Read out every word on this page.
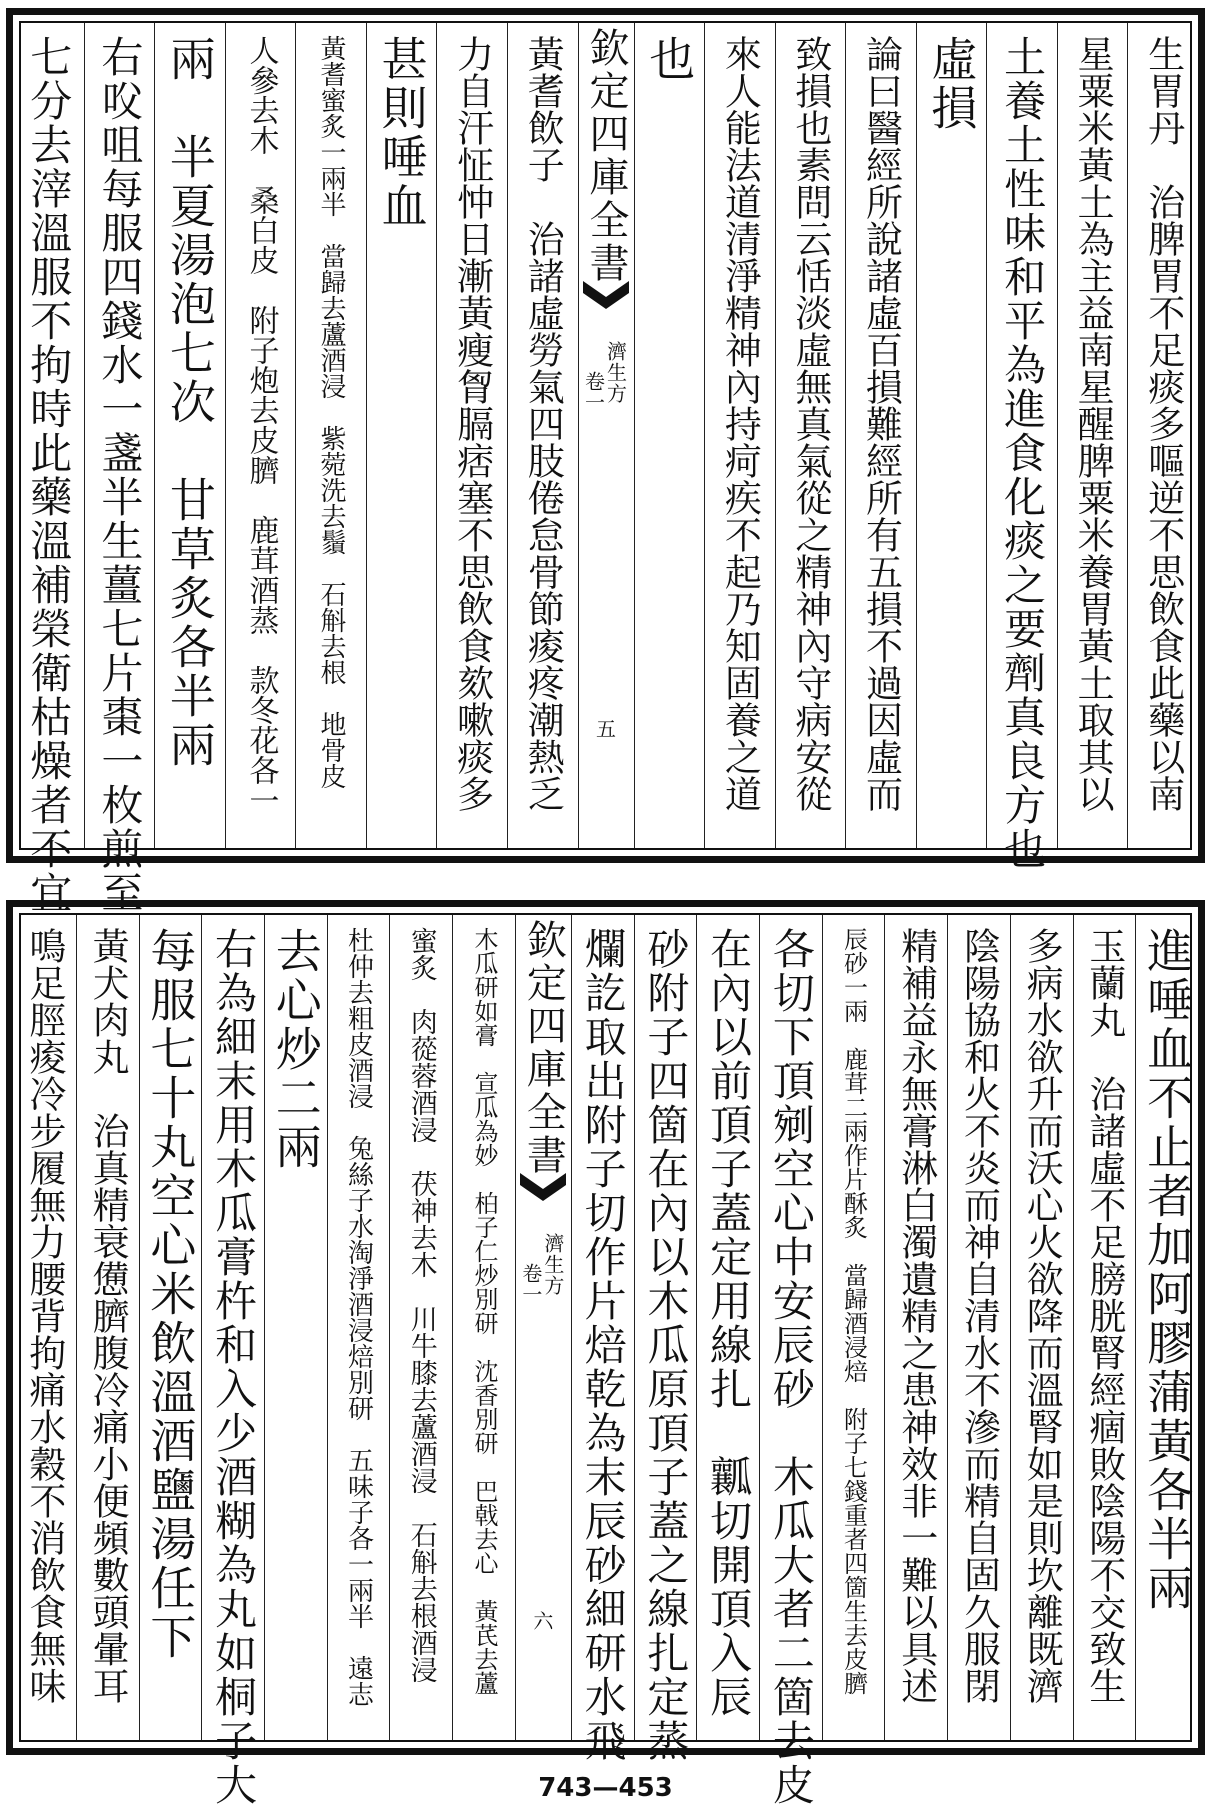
生胃丹　治脾胃不足痰多嘔逆不思飲食此藥以南
星粟米黃土為主益南星醒脾粟米養胃黃土取其以
土養土性味和平為進食化痰之要劑真良方也
虛損
論曰醫經所說諸虛百損難經所有五損不過因虛而
致損也素問云恬淡虛無真氣從之精神內守病安從
來人能法道清淨精神內持疴疾不起乃知固養之道
也
欽定四庫全書
濟生方
卷一
五
黃耆飲子　治諸虛勞氣四肢倦怠骨節痠疼潮熱乏
力自汗怔忡日漸黃瘦胷膈痞塞不思飲食欬嗽痰多
甚則唾血
黃耆蜜炙一兩半　當歸去蘆酒浸　紫菀洗去鬚　石斛去根　地骨皮
人參去木　桑白皮　附子炮去皮臍　鹿茸酒蒸　款冬花各一
兩　半夏湯泡七次　甘草炙各半兩
右㕮咀每服四錢水一盞半生薑七片棗一枚煎至
七分去滓溫服不拘時此藥溫補榮衛枯燥者不宜
進唾血不止者加阿膠蒲黃各半兩
玉蘭丸　治諸虛不足膀胱腎經痼敗陰陽不交致生
多病水欲升而沃心火欲降而溫腎如是則坎離既濟
陰陽協和火不炎而神自清水不滲而精自固久服閉
精補益永無膏淋白濁遺精之患神效非一難以具述
辰砂一兩　鹿茸二兩作片酥炙　當歸酒浸焙　附子七錢重者四箇生去皮臍
各切下頂剜空心中安辰砂　木瓜大者二箇去皮
在內以前頂子蓋定用線扎　瓤切開頂入辰
砂附子四箇在內以木瓜原頂子蓋之線扎定蒸
爛訖取出附子切作片焙乾為末辰砂細研水飛
欽定四庫全書
濟生方
卷一
六
木瓜研如膏　宣瓜為妙　柏子仁炒別研　沈香別研　巴戟去心　黃芪去蘆
蜜炙　肉蓯蓉酒浸　茯神去木　川牛膝去蘆酒浸　石斛去根酒浸
杜仲去粗皮酒浸　兔絲子水淘淨酒浸焙別研　五味子各一兩半　遠志
去心炒二兩
右為細末用木瓜膏杵和入少酒糊為丸如桐子大
每服七十丸空心米飲溫酒鹽湯任下
黃犬肉丸　治真精衰憊臍腹冷痛小便頻數頭暈耳
鳴足脛痠冷步履無力腰背拘痛水穀不消飲食無味
743—453
